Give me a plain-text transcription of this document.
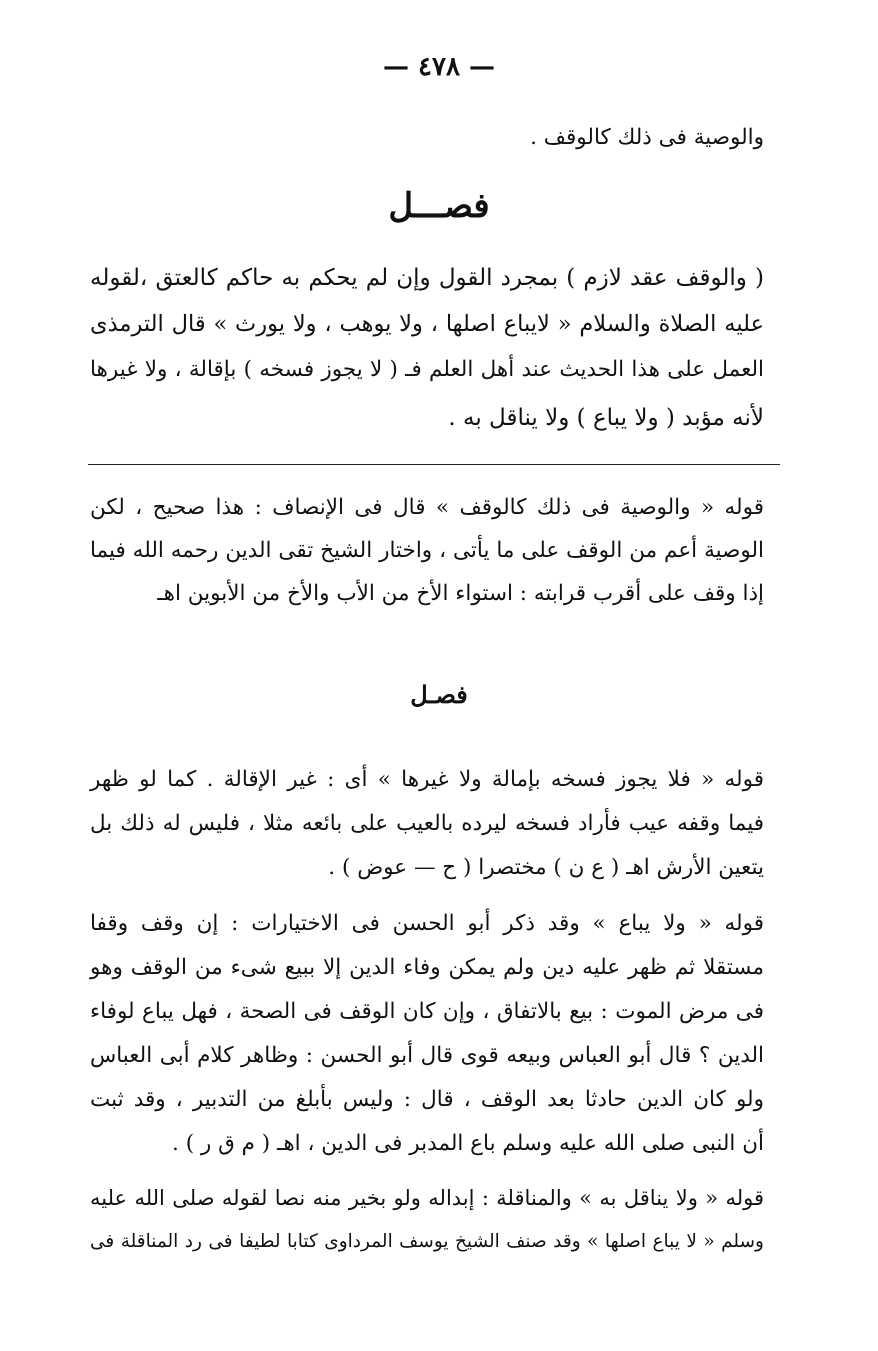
— ٤٧٨ —
والوصية فى ذلك كالوقف .
فصـــل
( والوقف عقد لازم ) بمجرد القول وإن لم يحكم به حاكم كالعتق ،لقوله
عليه الصلاة والسلام « لايباع اصلها ، ولا يوهب ، ولا يورث » قال الترمذى
العمل على هذا الحديث عند أهل العلم فـ ( لا يجوز فسخه ) بإقالة ، ولا غيرها
لأنه مؤبد ( ولا يباع ) ولا يناقل به .
قوله « والوصية فى ذلك كالوقف » قال فى الإنصاف : هذا صحيح ، لكن
الوصية أعم من الوقف على ما يأتى ، واختار الشيخ تقى الدين رحمه الله فيما
إذا وقف على أقرب قرابته : استواء الأخ من الأب والأخ من الأبوين اهـ
فصـل
قوله « فلا يجوز فسخه بإمالة ولا غيرها » أى : غير الإقالة . كما لو ظهر
فيما وقفه عيب فأراد فسخه ليرده بالعيب على بائعه مثلا ، فليس له ذلك بل
يتعين الأرش اهـ ( ع ن ) مختصرا ( ح — عوض ) .
قوله « ولا يباع » وقد ذكر أبو الحسن فى الاختيارات : إن وقف وقفا
مستقلا ثم ظهر عليه دين ولم يمكن وفاء الدين إلا ببيع شىء من الوقف وهو
فى مرض الموت : بيع بالاتفاق ، وإن كان الوقف فى الصحة ، فهل يباع لوفاء
الدين ؟ قال أبو العباس وبيعه قوى قال أبو الحسن : وظاهر كلام أبى العباس
ولو كان الدين حادثا بعد الوقف ، قال : وليس بأبلغ من التدبير ، وقد ثبت
أن النبى صلى الله عليه وسلم باع المدبر فى الدين ، اهـ ( م ق ر ) .
قوله « ولا يناقل به » والمناقلة : إبداله ولو بخير منه نصا لقوله صلى الله عليه
وسلم « لا يباع اصلها » وقد صنف الشيخ يوسف المرداوى كتابا لطيفا فى رد المناقلة فى
